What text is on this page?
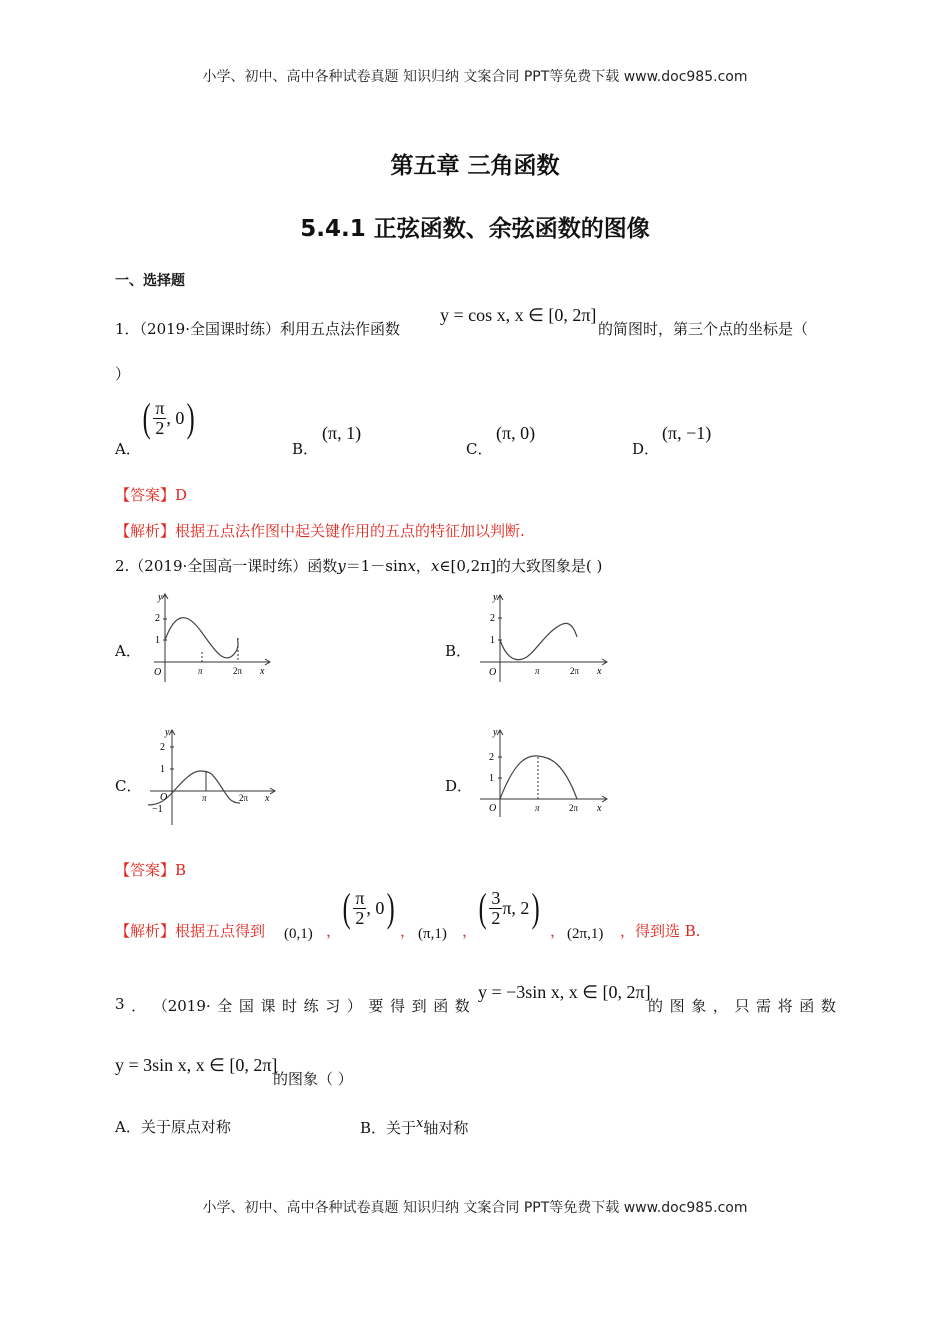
小学、初中、高中各种试卷真题 知识归纳 文案合同 PPT等免费下载 www.doc985.com
第五章 三角函数
5.4.1 正弦函数、余弦函数的图像
一、选择题
1．（2019·全国课时练）利用五点法作函数
y = cos x, x ∈ [0, 2π]
的简图时，第三个点的坐标是（
）
A．
( $\frac{\pi}{2}$ , 0 )
B．
(π, 1)
C．
(π, 0)
D．
(π, −1)
【答案】D
【解析】根据五点法作图中起关键作用的五点的特征加以判断.
2.（2019·全国高一课时练）函数y＝1－sinx，x∈[0,2π]的大致图象是( )
A．	B．
C．	D．
2
1
O	π	2π x
y
2
1
O	π	2π x
y
2
1
O
−1
π	2π x
y
2
1
O	π	2π x
y
【答案】B
【解析】根据五点得到 (0,1) ，
( $\frac{\pi}{2}$ , 0 )
， (π,1) ，
( $\frac{3}{2} \pi$, 2 )
， (2π,1) ，得到选 B.
3 ． （2019· 全 国 课 时 练 习 ） 要 得 到 函 数
y = −3sin x, x ∈ [0, 2π]
的 图 象 ， 只 需 将 函 数
y = 3sin x, x ∈ [0, 2π]
的图象（ ）
A．关于原点对称	B．关于x轴对称
小学、初中、高中各种试卷真题 知识归纳 文案合同 PPT等免费下载 www.doc985.com
